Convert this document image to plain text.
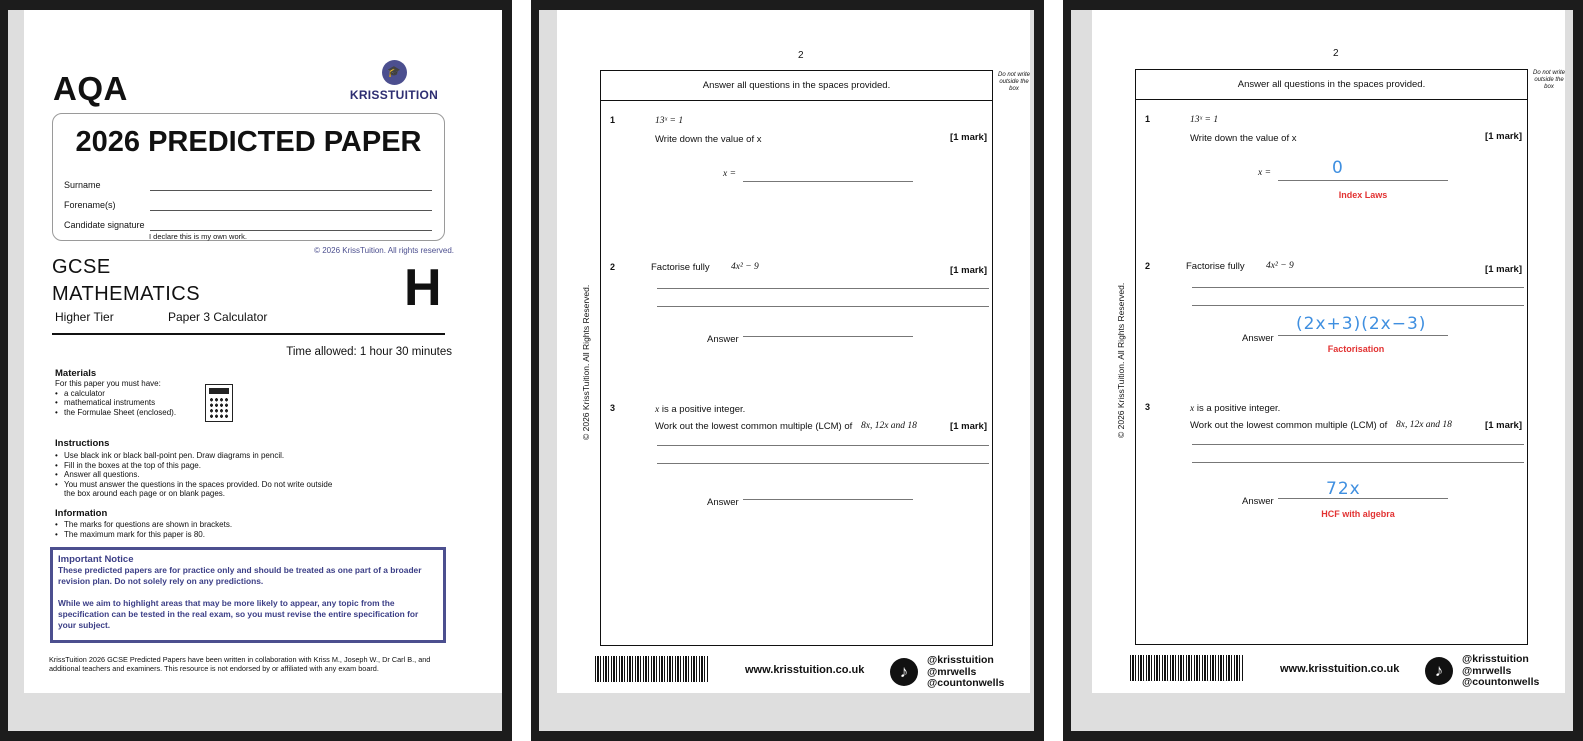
AQA	🎓
KRISSTUITION
2026 PREDICTED PAPER
Surname
Forename(s)
Candidate signature
I declare this is my own work.
© 2026 KrissTuition. All rights reserved.
GCSE
MATHEMATICS
Higher Tier	Paper 3 Calculator	H
Time allowed: 1 hour 30 minutes
Materials
For this paper you must have:
• a calculator
• mathematical instruments
• the Formulae Sheet (enclosed).
Instructions
• Use black ink or black ball-point pen. Draw diagrams in pencil.
• Fill in the boxes at the top of this page.
• Answer all questions.
• You must answer the questions in the spaces provided. Do not write outside the box around each page or on blank pages.
Information
• The marks for questions are shown in brackets.
• The maximum mark for this paper is 80.
Important Notice
These predicted papers are for practice only and should be treated as one part of a broader revision plan. Do not solely rely on any predictions.
While we aim to highlight areas that may be more likely to appear, any topic from the specification can be tested in the real exam, so you must revise the entire specification for your subject.
KrissTuition 2026 GCSE Predicted Papers have been written in collaboration with Kriss M., Joseph W., Dr Carl B., and additional teachers and examiners. This resource is not endorsed by or affiliated with any exam board.
2
Answer all questions in the spaces provided.
1	13ˣ = 1
Write down the value of x	[1 mark]
x =
2	Factorise fully 4x² − 9	[1 mark]
Answer
3	x is a positive integer.
Work out the lowest common multiple (LCM) of 8x, 12x and 18	[1 mark]
Answer
Do not write outside the box
© 2026 KrissTuition. All Rights Reserved.
www.krisstuition.co.uk	♪
@krisstuition
@mrwells
@countonwells
2
Answer all questions in the spaces provided.
1	13ˣ = 1
Write down the value of x	[1 mark]
x =	0
Index Laws
2	Factorise fully 4x² − 9	[1 mark]
Answer
(2x+3)(2x−3)
Factorisation
3	x is a positive integer.
Work out the lowest common multiple (LCM) of 8x, 12x and 18	[1 mark]
Answer
72x
HCF with algebra
Do not write outside the box
© 2026 KrissTuition. All Rights Reserved.
www.krisstuition.co.uk	♪
@krisstuition
@mrwells
@countonwells
